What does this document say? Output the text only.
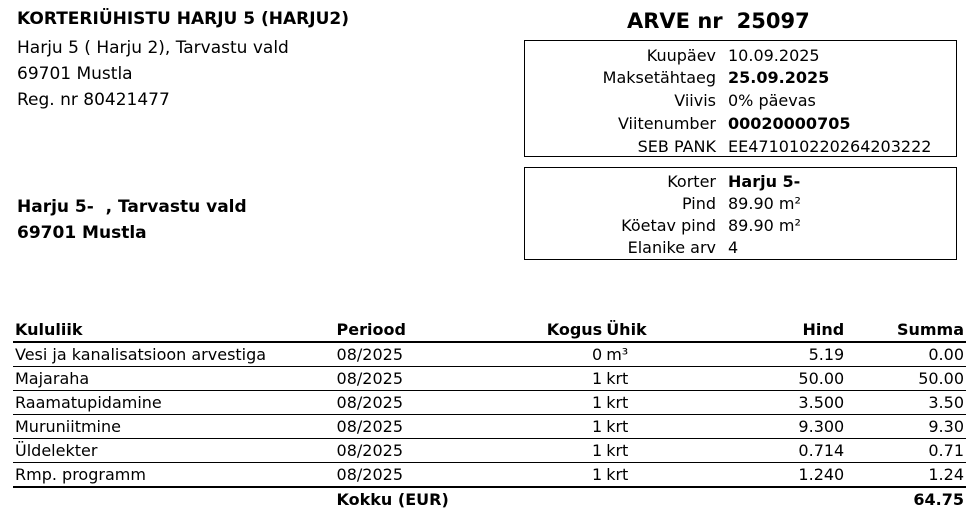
KORTERIÜHISTU HARJU 5 (HARJU2)
Harju 5 ( Harju 2), Tarvastu vald
69701 Mustla
Reg. nr 80421477
ARVE nr 25097
Kuupäev 10.09.2025
Maksetähtaeg 25.09.2025
Viivis 0% päevas
Viitenumber 00020000705
SEB PANK EE471010220264203222
Korter Harju 5-
Pind 89.90 m²
Köetav pind 89.90 m²
Elanike arv 4
Harju 5-  , Tarvastu vald
69701 Mustla
Kululiik	Periood	Kogus	Ühik	Hind	Summa
Vesi ja kanalisatsioon arvestiga	08/2025	0	m³	5.19	0.00
Majaraha	08/2025	1	krt	50.00	50.00
Raamatupidamine	08/2025	1	krt	3.500	3.50
Muruniitmine	08/2025	1	krt	9.300	9.30
Üldelekter	08/2025	1	krt	0.714	0.71
Rmp. programm	08/2025	1	krt	1.240	1.24
	Kokku (EUR)				64.75
